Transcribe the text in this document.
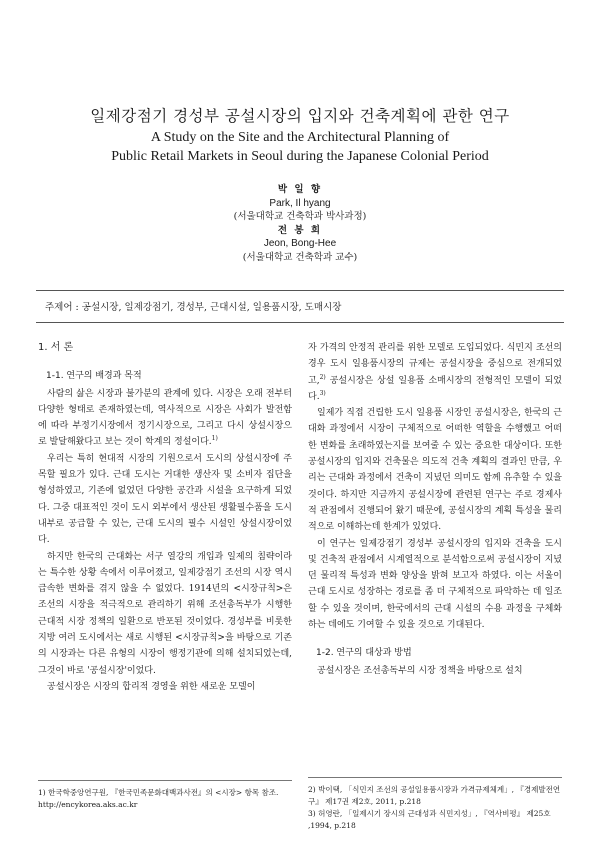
일제강점기 경성부 공설시장의 입지와 건축계획에 관한 연구
A Study on the Site and the Architectural Planning of
Public Retail Markets in Seoul during the Japanese Colonial Period
박 일 향
Park, Il hyang
(서울대학교 건축학과 박사과정)
전 봉 희
Jeon, Bong-Hee
(서울대학교 건축학과 교수)
주제어 : 공설시장, 일제강점기, 경성부, 근대시설, 일용품시장, 도매시장
1. 서 론
1-1. 연구의 배경과 목적

사람의 삶은 시장과 불가분의 관계에 있다. 시장은 오래 전부터 다양한 형태로 존재하였는데, 역사적으로 시장은 사회가 발전함에 따라 부정기시장에서 정기시장으로, 그리고 다시 상설시장으로 발달해왔다고 보는 것이 학계의 정설이다.$^{1)}$

우리는 특히 현대적 시장의 기원으로서 도시의 상설시장에 주목할 필요가 있다. 근대 도시는 거대한 생산자 및 소비자 집단을 형성하였고, 기존에 없었던 다양한 공간과 시설을 요구하게 되었다. 그중 대표적인 것이 도시 외부에서 생산된 생활필수품을 도시 내부로 공급할 수 있는, 근대 도시의 필수 시설인 상설시장이었다.

하지만 한국의 근대화는 서구 열강의 개입과 일제의 침략이라는 특수한 상황 속에서 이루어졌고, 일제강점기 조선의 시장 역시 급속한 변화를 겪지 않을 수 없었다. 1914년의 <시장규칙>은 조선의 시장을 적극적으로 관리하기 위해 조선총독부가 시행한 근대적 시장 정책의 일환으로 반포된 것이었다. 경성부를 비롯한 지방 여러 도시에서는 새로 시행된 <시장규칙>을 바탕으로 기존의 시장과는 다른 유형의 시장이 행정기관에 의해 설치되었는데, 그것이 바로 '공설시장'이었다.

공설시장은 시장의 합리적 경영을 위한 새로운 모델이

자 가격의 안정적 관리를 위한 모델로 도입되었다. 식민지 조선의 경우 도시 일용품시장의 규제는 공설시장을 중심으로 전개되었고,$^{2)}$ 공설시장은 상설 일용품 소매시장의 전형적인 모델이 되었다.$^{3)}$

일제가 직접 건립한 도시 일용품 시장인 공설시장은, 한국의 근대화 과정에서 시장이 구체적으로 어떠한 역할을 수행했고 어떠한 변화를 초래하였는지를 보여줄 수 있는 중요한 대상이다. 또한 공설시장의 입지와 건축물은 의도적 건축 계획의 결과인 만큼, 우리는 근대화 과정에서 건축이 지녔던 의미도 함께 유추할 수 있을 것이다. 하지만 지금까지 공설시장에 관련된 연구는 주로 경제사적 관점에서 진행되어 왔기 때문에, 공설시장의 계획 특성을 물리적으로 이해하는데 한계가 있었다.

이 연구는 일제강점기 경성부 공설시장의 입지와 건축을 도시 및 건축적 관점에서 시계열적으로 분석함으로써 공설시장이 지녔던 물리적 특성과 변화 양상을 밝혀 보고자 하였다. 이는 서울이 근대 도시로 성장하는 경로를 좀 더 구체적으로 파악하는 데 일조할 수 있을 것이며, 한국에서의 근대 시설의 수용 과정을 구체화하는 데에도 기여할 수 있을 것으로 기대된다.

1-2. 연구의 대상과 방법

공설시장은 조선총독부의 시장 정책을 바탕으로 설치

1) 한국학중앙연구원, 『한국민족문화대백과사전』의 <시장> 항목 참조. http://encykorea.aks.ac.kr
2) 박이택, 「식민지 조선의 공설일용품시장과 가격규제체계」, 『경제발전연구』 제17권 제2호, 2011, p.218
3) 허영란, 「일제시기 장시의 근대성과 식민지성」, 『역사비평』 제25호 ,1994, p.218
